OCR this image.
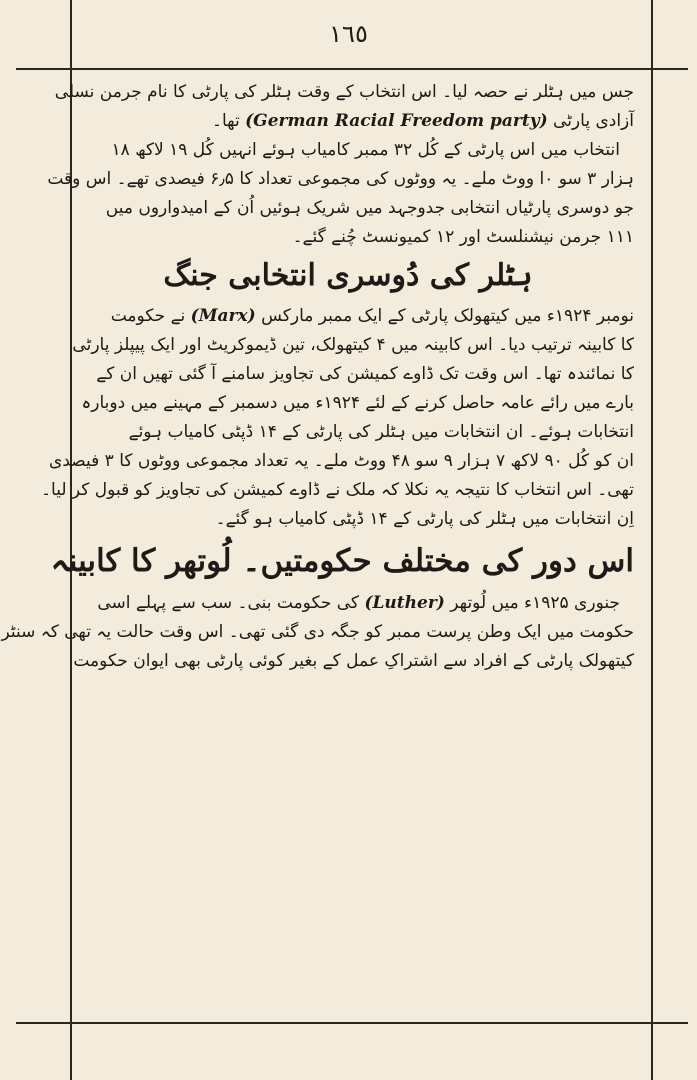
١٦٥
جس میں ہٹلر نے حصہ لیا۔ اس انتخاب کے وقت ہٹلر کی پارٹی کا نام جرمن نسلی
آزادی پارٹی (German Racial Freedom party) تھا۔
انتخاب میں اس پارٹی کے کُل ۳۲ ممبر کامیاب ہوئے انہیں کُل ۱۹ لاکھ ۱۸
ہزار ۳ سو ۰ا ووٹ ملے۔ یہ ووٹوں کی مجموعی تعداد کا ۶٫۵ فیصدی تھے۔ اس وقت
جو دوسری پارٹیاں انتخابی جدوجہد میں شریک ہوئیں اُن کے امیدواروں میں
۱۱۱ جرمن نیشنلسٹ اور ۱۲ کمیونسٹ چُنے گئے۔
ہٹلر کی دُوسری انتخابی جنگ
نومبر ۱۹۲۴ء میں کیتھولک پارٹی کے ایک ممبر مارکس (Marx) نے حکومت
کا کابینہ ترتیب دیا۔ اس کابینہ میں ۴ کیتھولک، تین ڈیموکریٹ اور ایک پیپلز پارٹی
کا نمائندہ تھا۔ اس وقت تک ڈاوے کمیشن کی تجاویز سامنے آ گئی تھیں ان کے
بارے میں رائے عامہ حاصل کرنے کے لئے ۱۹۲۴ء میں دسمبر کے مہینے میں دوبارہ
انتخابات ہوئے۔ ان انتخابات میں ہٹلر کی پارٹی کے ۱۴ ڈپٹی کامیاب ہوئے
ان کو کُل ۹۰ لاکھ ۷ ہزار ۹ سو ۴۸ ووٹ ملے۔ یہ تعداد مجموعی ووٹوں کا ۳ فیصدی
تھی۔ اس انتخاب کا نتیجہ یہ نکلا کہ ملک نے ڈاوے کمیشن کی تجاویز کو قبول کر لیا۔
اِن انتخابات میں ہٹلر کی پارٹی کے ۱۴ ڈپٹی کامیاب ہو گئے۔
اس دور کی مختلف حکومتیں۔ لُوتھر کا کابینہ
جنوری ۱۹۲۵ء میں لُوتھر (Luther) کی حکومت بنی۔ سب سے پہلے اسی
حکومت میں ایک وطن پرست ممبر کو جگہ دی گئی تھی۔ اس وقت حالت یہ تھی کہ سنٹر
کیتھولک پارٹی کے افراد سے اشتراکِ عمل کے بغیر کوئی پارٹی بھی ایوان حکومت
